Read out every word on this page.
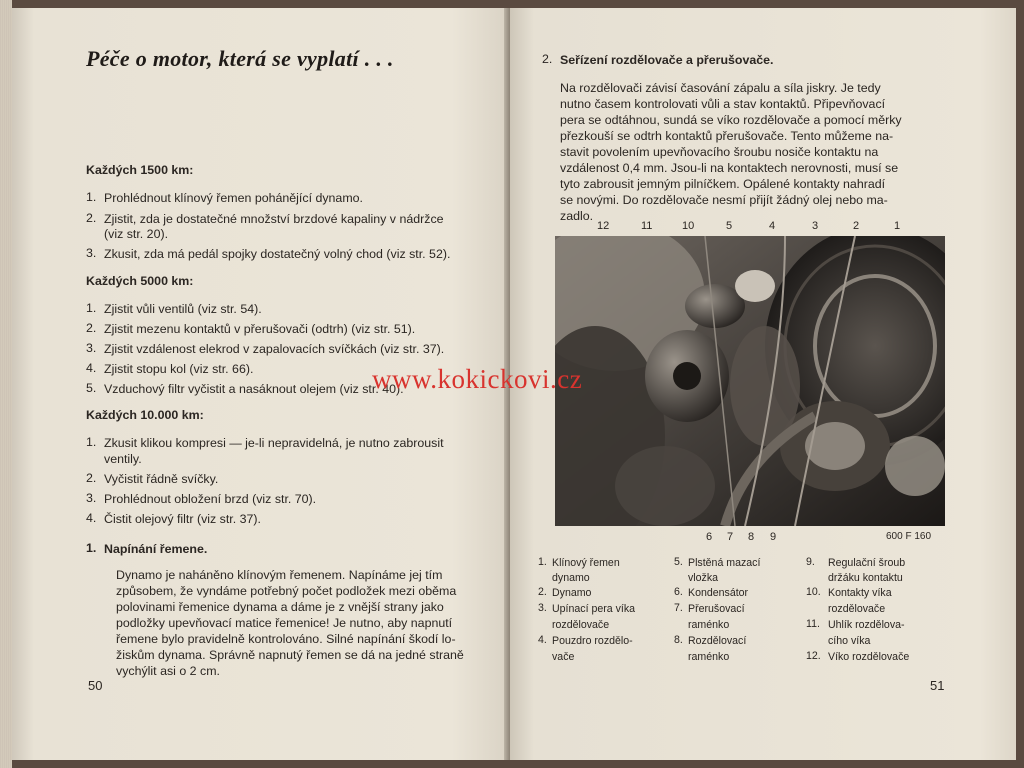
Péče o motor, která se vyplatí . . .
Každých 1500 km:
1. Prohlédnout klínový řemen pohánějící dynamo.
2. Zjistit, zda je dostatečné množství brzdové kapaliny v nádržce
(viz str. 20).
3. Zkusit, zda má pedál spojky dostatečný volný chod (viz str. 52).
Každých 5000 km:
1. Zjistit vůli ventilů (viz str. 54).
2. Zjistit mezenu kontaktů v přerušovači (odtrh) (viz str. 51).
3. Zjistit vzdálenost elekrod v zapalovacích svíčkách (viz str. 37).
4. Zjistit stopu kol (viz str. 66).
5. Vzduchový filtr vyčistit a nasáknout olejem (viz str. 40).
Každých 10.000 km:
1. Zkusit klikou kompresi — je-li nepravidelná, je nutno zabrousit
ventily.
2. Vyčistit řádně svíčky.
3. Prohlédnout obložení brzd (viz str. 70).
4. Čistit olejový filtr (viz str. 37).
1. Napínání řemene.
Dynamo je naháněno klínovým řemenem. Napínáme jej tím
způsobem, že vyndáme potřebný počet podložek mezi oběma
polovinami řemenice dynama a dáme je z vnější strany jako
podložky upevňovací matice řemenice! Je nutno, aby napnutí
řemene bylo pravidelně kontrolováno. Silné napínání škodí lo-
žiskům dynama. Správně napnutý řemen se dá na jedné straně
vychýlit asi o 2 cm.
50
2. Seřízení rozdělovače a přerušovače.
Na rozdělovači závisí časování zápalu a síla jiskry. Je tedy
nutno časem kontrolovati vůli a stav kontaktů. Připevňovací
pera se odtáhnou, sundá se víko rozdělovače a pomocí měrky
přezkouší se odtrh kontaktů přerušovače. Tento můžeme na-
stavit povolením upevňovacího šroubu nosiče kontaktu na
vzdálenost 0,4 mm. Jsou-li na kontaktech nerovnosti, musí se
tyto zabrousit jemným pilníčkem. Opálené kontakty nahradí
se novými. Do rozdělovače nesmí přijít žádný olej nebo ma-
zadlo.
12	11	10	5	4	3	2	1
6 7 8 9	600 F 160
1. Klínový řemen
dynamo
2. Dynamo
3. Upínací pera víka
rozdělovače
4. Pouzdro rozdělo-
vače
5. Plstěná mazací
vložka
6. Kondensátor
7. Přerušovací
raménko
8. Rozdělovací
raménko
9. Regulační šroub
držáku kontaktu
10. Kontakty víka
rozdělovače
11. Uhlík rozdělova-
cího víka
12. Víko rozdělovače
51
www.kokickovi.cz
